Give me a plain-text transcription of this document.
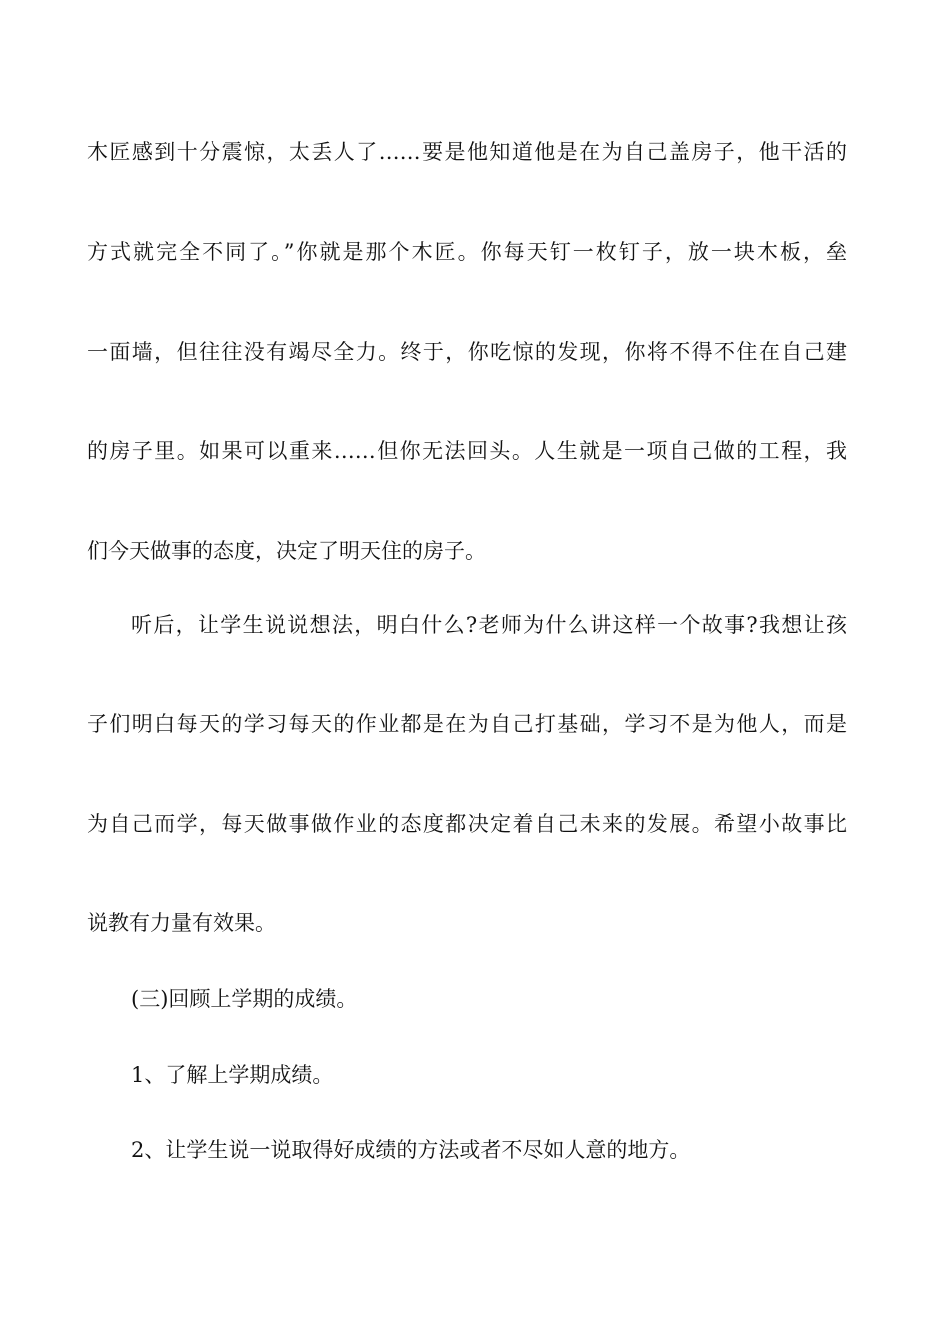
木匠感到十分震惊，太丢人了……要是他知道他是在为自己盖房子，他干活的
方式就完全不同了。”你就是那个木匠。你每天钉一枚钉子，放一块木板，垒
一面墙，但往往没有竭尽全力。终于，你吃惊的发现，你将不得不住在自己建
的房子里。如果可以重来……但你无法回头。人生就是一项自己做的工程，我
们今天做事的态度，决定了明天住的房子。
听后，让学生说说想法，明白什么?老师为什么讲这样一个故事?我想让孩
子们明白每天的学习每天的作业都是在为自己打基础，学习不是为他人，而是
为自己而学，每天做事做作业的态度都决定着自己未来的发展。希望小故事比
说教有力量有效果。
(三)回顾上学期的成绩。
1、了解上学期成绩。
2、让学生说一说取得好成绩的方法或者不尽如人意的地方。
